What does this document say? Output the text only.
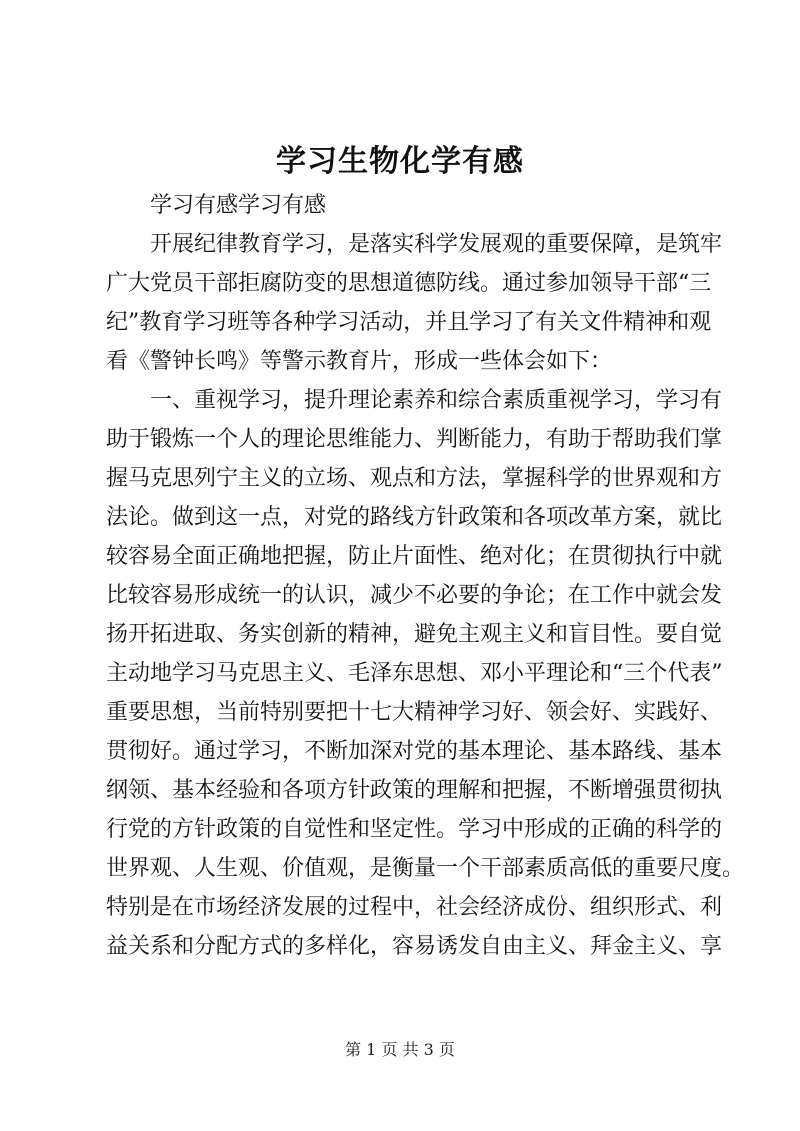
学习生物化学有感

学习有感学习有感

开展纪律教育学习，是落实科学发展观的重要保障，是筑牢
广大党员干部拒腐防变的思想道德防线。通过参加领导干部“三
纪”教育学习班等各种学习活动，并且学习了有关文件精神和观
看《警钟长鸣》等警示教育片，形成一些体会如下：

一、重视学习，提升理论素养和综合素质重视学习，学习有
助于锻炼一个人的理论思维能力、判断能力，有助于帮助我们掌
握马克思列宁主义的立场、观点和方法，掌握科学的世界观和方
法论。做到这一点，对党的路线方针政策和各项改革方案，就比
较容易全面正确地把握，防止片面性、绝对化；在贯彻执行中就
比较容易形成统一的认识，减少不必要的争论；在工作中就会发
扬开拓进取、务实创新的精神，避免主观主义和盲目性。要自觉
主动地学习马克思主义、毛泽东思想、邓小平理论和“三个代表”
重要思想，当前特别要把十七大精神学习好、领会好、实践好、
贯彻好。通过学习，不断加深对党的基本理论、基本路线、基本
纲领、基本经验和各项方针政策的理解和把握，不断增强贯彻执
行党的方针政策的自觉性和坚定性。学习中形成的正确的科学的
世界观、人生观、价值观，是衡量一个干部素质高低的重要尺度。
特别是在市场经济发展的过程中，社会经济成份、组织形式、利
益关系和分配方式的多样化，容易诱发自由主义、拜金主义、享

第 1 页 共 3 页
